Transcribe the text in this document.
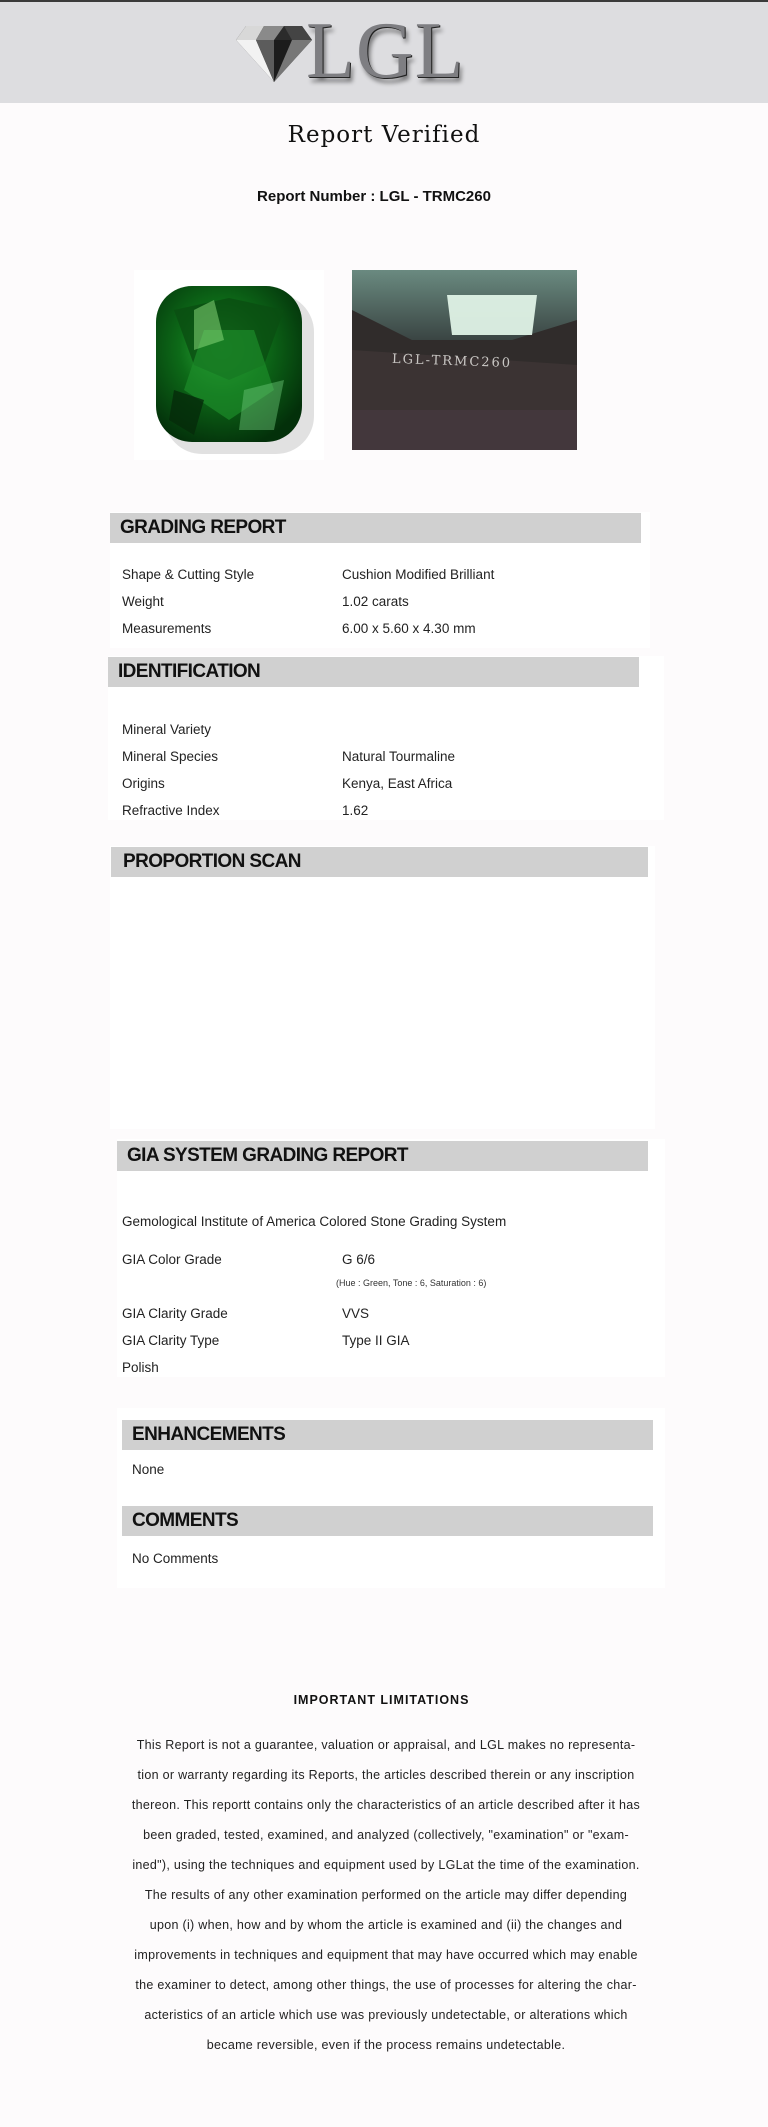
LGL
Report Verified
Report Number : LGL - TRMC260
LGL-TRMC260
GRADING REPORT
Shape & Cutting Style	Cushion Modified Brilliant
Weight	1.02 carats
Measurements	6.00 x 5.60 x 4.30 mm
IDENTIFICATION
Mineral Variety
Mineral Species	Natural Tourmaline
Origins	Kenya, East Africa
Refractive Index	1.62
PROPORTION SCAN
GIA SYSTEM GRADING REPORT
Gemological Institute of America Colored Stone Grading System
GIA Color Grade	G 6/6
(Hue : Green, Tone : 6, Saturation : 6)
GIA Clarity Grade	VVS
GIA Clarity Type	Type II GIA
Polish
ENHANCEMENTS
None
COMMENTS
No Comments
IMPORTANT LIMITATIONS
This Report is not a guarantee, valuation or appraisal, and LGL makes no representa-
tion or warranty regarding its Reports, the articles described therein or any inscription
thereon. This reportt contains only the characteristics of an article described after it has
been graded, tested, examined, and analyzed (collectively, "examination" or "exam-
ined"), using the techniques and equipment used by LGLat the time of the examination.
The results of any other examination performed on the article may differ depending
upon (i) when, how and by whom the article is examined and (ii) the changes and
improvements in techniques and equipment that may have occurred which may enable
the examiner to detect, among other things, the use of processes for altering the char-
acteristics of an article which use was previously undetectable, or alterations which
became reversible, even if the process remains undetectable.
